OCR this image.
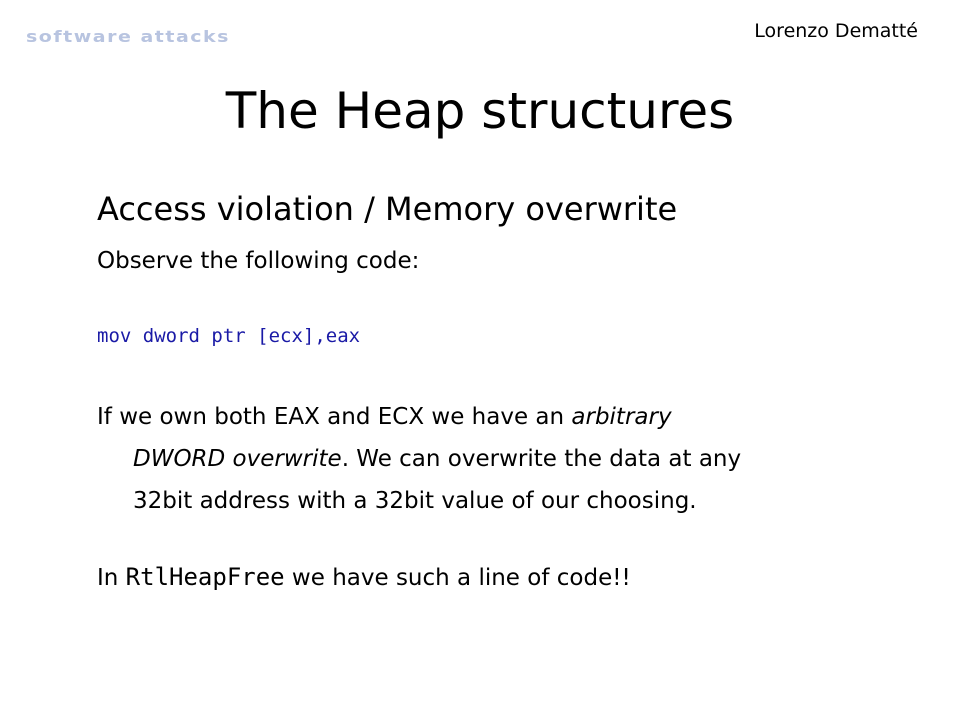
software attacks	Lorenzo Dematté
The Heap structures
Access violation / Memory overwrite
Observe the following code:
mov dword ptr [ecx],eax
If we own both EAX and ECX we have an arbitrary
DWORD overwrite. We can overwrite the data at any
32bit address with a 32bit value of our choosing.
In RtlHeapFree we have such a line of code!!
